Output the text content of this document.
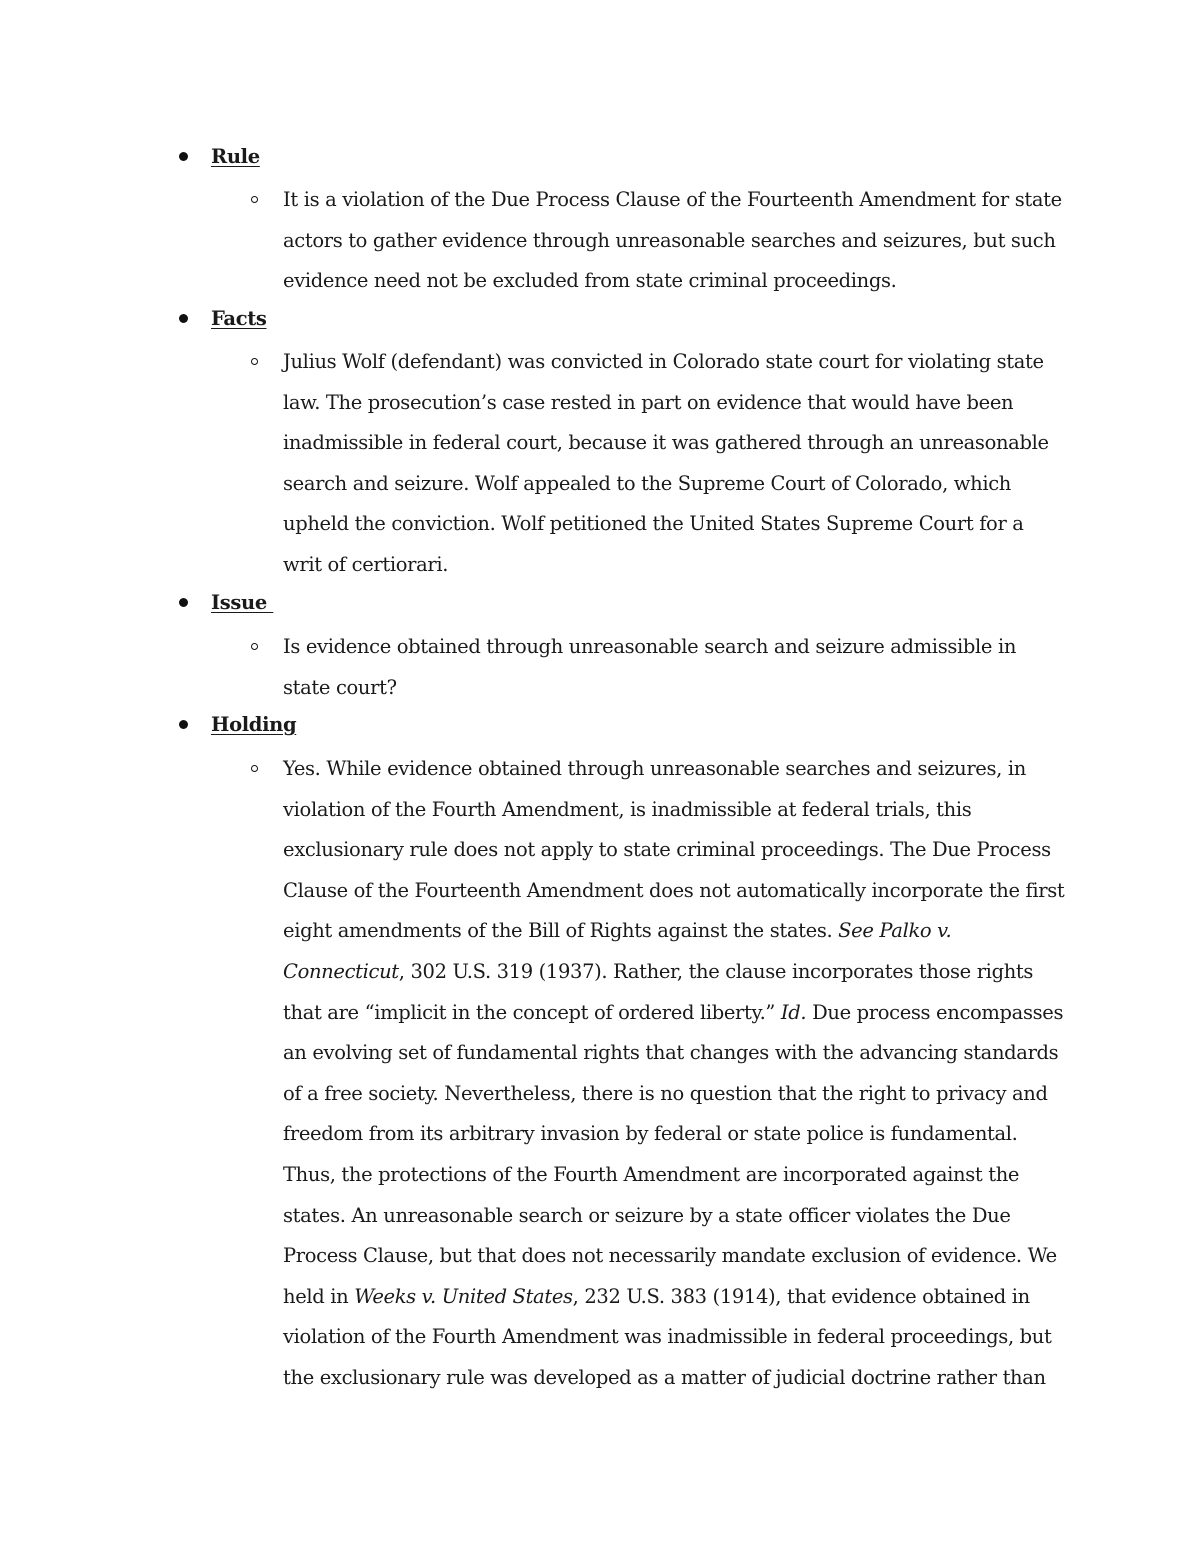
Rule

It is a violation of the Due Process Clause of the Fourteenth Amendment for state actors to gather evidence through unreasonable searches and seizures, but such evidence need not be excluded from state criminal proceedings.

Facts

Julius Wolf (defendant) was convicted in Colorado state court for violating state law. The prosecution’s case rested in part on evidence that would have been inadmissible in federal court, because it was gathered through an unreasonable search and seizure. Wolf appealed to the Supreme Court of Colorado, which upheld the conviction. Wolf petitioned the United States Supreme Court for a writ of certiorari.

Issue

Is evidence obtained through unreasonable search and seizure admissible in state court?

Holding

Yes. While evidence obtained through unreasonable searches and seizures, in violation of the Fourth Amendment, is inadmissible at federal trials, this exclusionary rule does not apply to state criminal proceedings. The Due Process Clause of the Fourteenth Amendment does not automatically incorporate the first eight amendments of the Bill of Rights against the states. See Palko v. Connecticut, 302 U.S. 319 (1937). Rather, the clause incorporates those rights that are “implicit in the concept of ordered liberty.” Id. Due process encompasses an evolving set of fundamental rights that changes with the advancing standards of a free society. Nevertheless, there is no question that the right to privacy and freedom from its arbitrary invasion by federal or state police is fundamental. Thus, the protections of the Fourth Amendment are incorporated against the states. An unreasonable search or seizure by a state officer violates the Due Process Clause, but that does not necessarily mandate exclusion of evidence. We held in Weeks v. United States, 232 U.S. 383 (1914), that evidence obtained in violation of the Fourth Amendment was inadmissible in federal proceedings, but the exclusionary rule was developed as a matter of judicial doctrine rather than
